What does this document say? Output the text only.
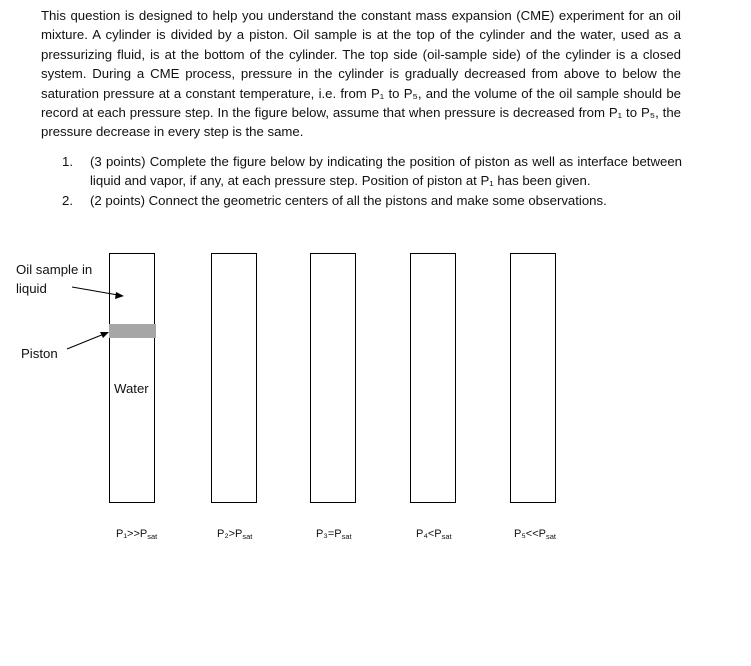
This question is designed to help you understand the constant mass expansion (CME) experiment for an oil mixture. A cylinder is divided by a piston. Oil sample is at the top of the cylinder and the water, used as a pressurizing fluid, is at the bottom of the cylinder. The top side (oil-sample side) of the cylinder is a closed system. During a CME process, pressure in the cylinder is gradually decreased from above to below the saturation pressure at a constant temperature, i.e. from P₁ to P₅, and the volume of the oil sample should be record at each pressure step. In the figure below, assume that when pressure is decreased from P₁ to P₅, the pressure decrease in every step is the same.
1.	(3 points) Complete the figure below by indicating the position of piston as well as interface between liquid and vapor, if any, at each pressure step. Position of piston at P₁ has been given.
2.	(2 points) Connect the geometric centers of all the pistons and make some observations.
Oil sample in
liquid
Piston
Water
$P_1>>P_{sat}$	$P_2>P_{sat}$	$P_3=P_{sat}$	$P_4<P_{sat}$	$P_5<<P_{sat}$
